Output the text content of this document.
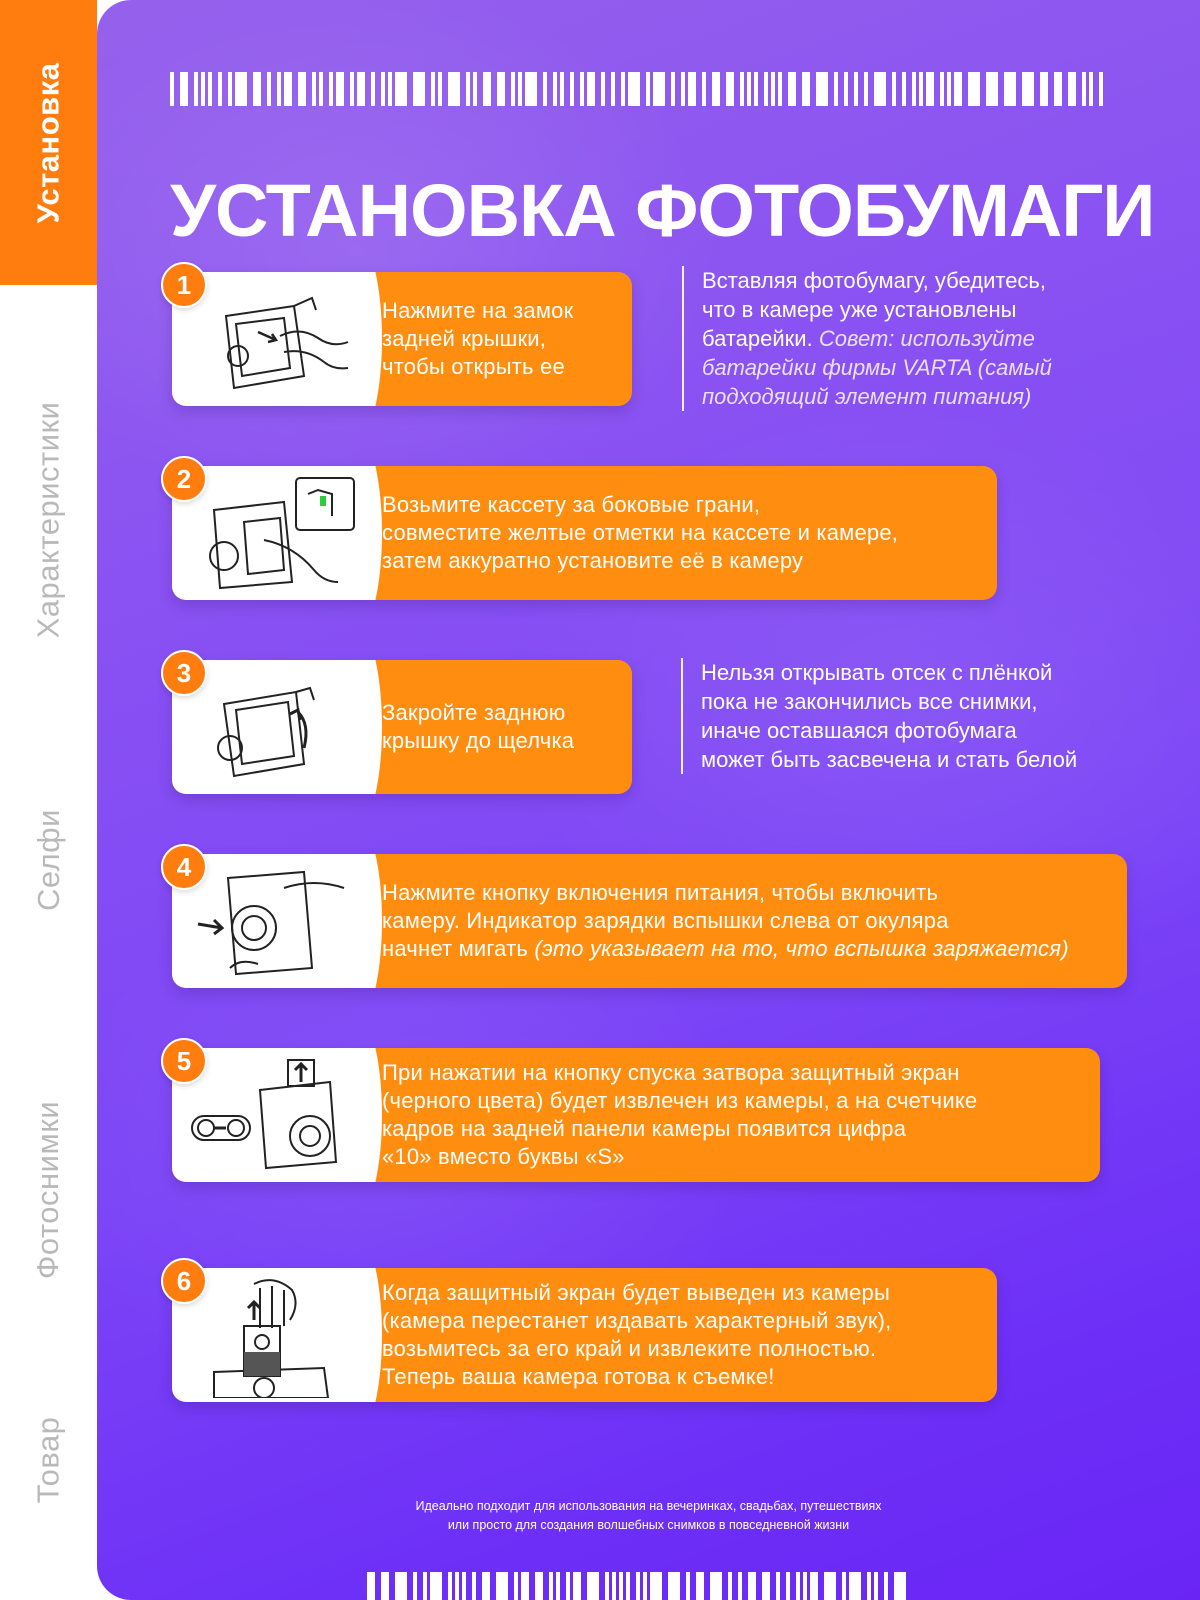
Установка
Характеристики
Селфи
Фотоснимки
Товар
УСТАНОВКА ФОТОБУМАГИ
Нажмите на замок
задней крышки,
чтобы открыть ее
1	Вставляя фотобумагу, убедитесь,
что в камере уже установлены
батарейки. Совет: используйте
батарейки фирмы VARTA (самый
подходящий элемент питания)
Возьмите кассету за боковые грани,
совместите желтые отметки на кассете и камере,
затем аккуратно установите её в камеру
2
Закройте заднюю
крышку до щелчка
3	Нельзя открывать отсек с плёнкой
пока не закончились все снимки,
иначе оставшаяся фотобумага
может быть засвечена и стать белой
Нажмите кнопку включения питания, чтобы включить
камеру. Индикатор зарядки вспышки слева от окуляра
начнет мигать (это указывает на то, что вспышка заряжается)
4
При нажатии на кнопку спуска затвора защитный экран
(черного цвета) будет извлечен из камеры, а на счетчике
кадров на задней панели камеры появится цифра
«10» вместо буквы «S»
5
Когда защитный экран будет выведен из камеры
(камера перестанет издавать характерный звук),
возьмитесь за его край и извлеките полностью.
Теперь ваша камера готова к съемке!
6
Идеально подходит для использования на вечеринках, свадьбах, путешествиях
или просто для создания волшебных снимков в повседневной жизни
